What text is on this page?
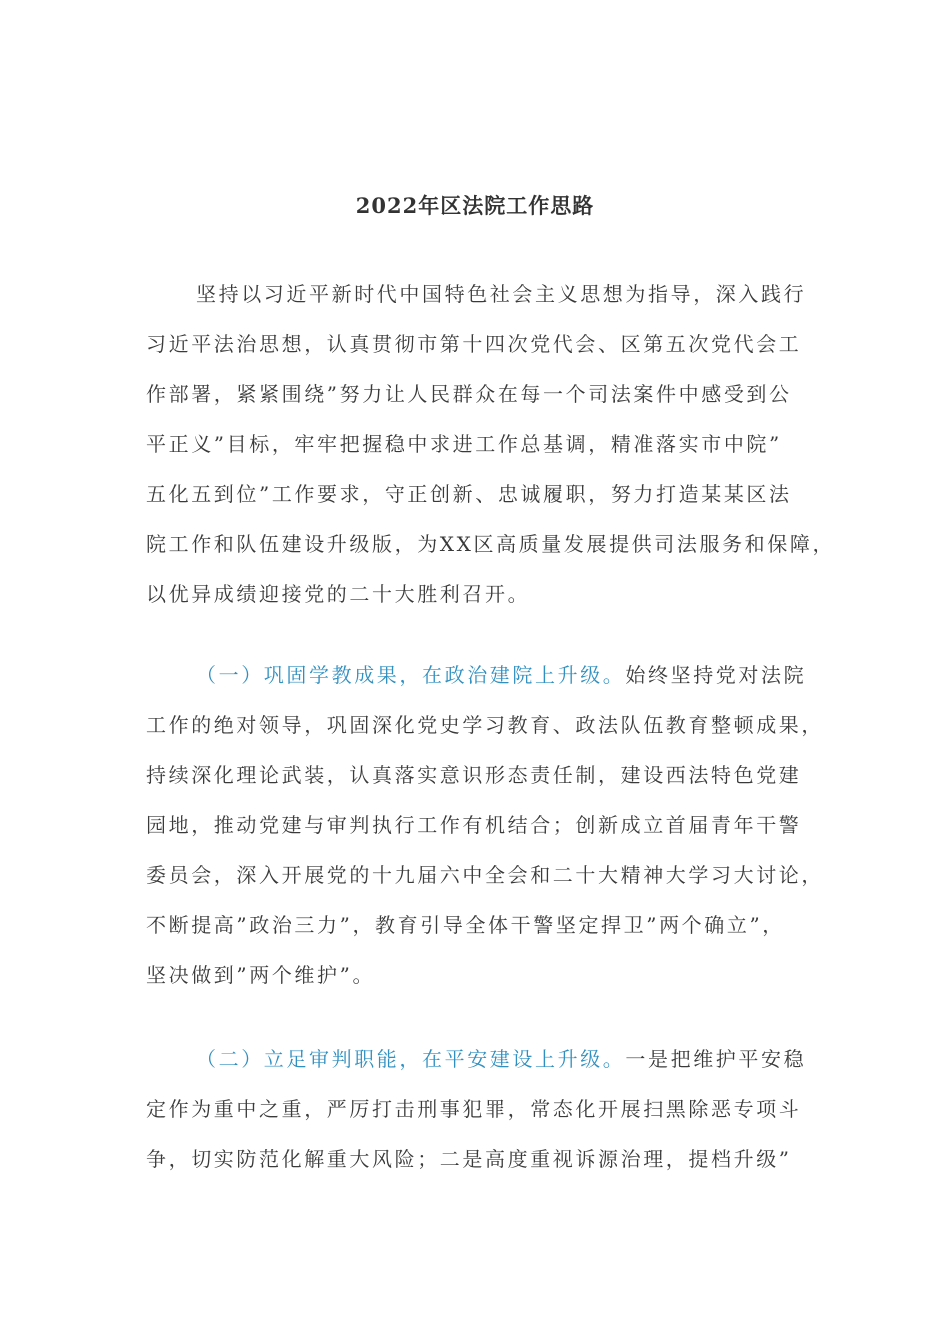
2022年区法院工作思路
坚持以习近平新时代中国特色社会主义思想为指导，深入践行
习近平法治思想，认真贯彻市第十四次党代会、区第五次党代会工
作部署，紧紧围绕”努力让人民群众在每一个司法案件中感受到公
平正义”目标，牢牢把握稳中求进工作总基调，精准落实市中院”
五化五到位”工作要求，守正创新、忠诚履职，努力打造某某区法
院工作和队伍建设升级版，为XX区高质量发展提供司法服务和保障，
以优异成绩迎接党的二十大胜利召开。
（一）巩固学教成果，在政治建院上升级。始终坚持党对法院
工作的绝对领导，巩固深化党史学习教育、政法队伍教育整顿成果，
持续深化理论武装，认真落实意识形态责任制，建设西法特色党建
园地，推动党建与审判执行工作有机结合；创新成立首届青年干警
委员会，深入开展党的十九届六中全会和二十大精神大学习大讨论，
不断提高”政治三力”，教育引导全体干警坚定捍卫”两个确立”，
坚决做到”两个维护”。
（二）立足审判职能，在平安建设上升级。一是把维护平安稳
定作为重中之重，严厉打击刑事犯罪，常态化开展扫黑除恶专项斗
争，切实防范化解重大风险；二是高度重视诉源治理，提档升级”
